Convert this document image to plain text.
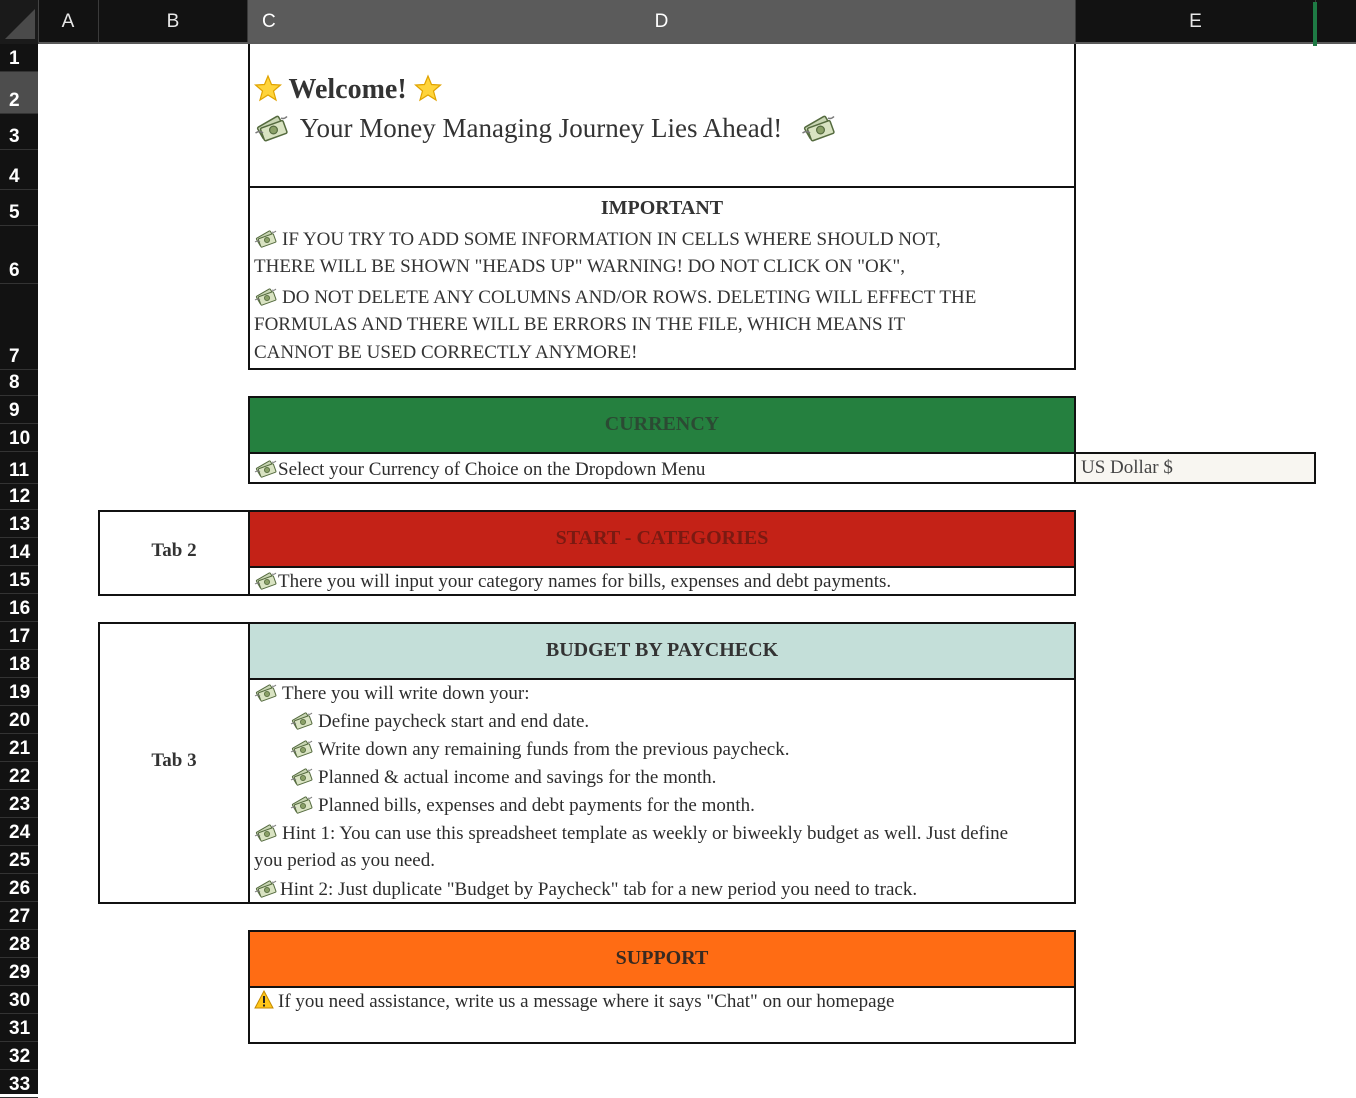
A	B	D
C	E
1
2
3
4
5
6
7
8
9
10
11
12
13
14
15
16
17
18
19
20
21
22
23
24
25
26
27
28
29
30
31
32
33
Welcome!
Your Money Managing Journey Lies Ahead!
IMPORTANT
IF YOU TRY TO ADD SOME INFORMATION IN CELLS WHERE SHOULD NOT,
THERE WILL BE SHOWN "HEADS UP" WARNING! DO NOT CLICK ON "OK",
DO NOT DELETE ANY COLUMNS AND/OR ROWS. DELETING WILL EFFECT THE
FORMULAS AND THERE WILL BE ERRORS IN THE FILE, WHICH MEANS IT
CANNOT BE USED CORRECTLY ANYMORE!
CURRENCY
Select your Currency of Choice on the Dropdown Menu	US Dollar $
Tab 2
START - CATEGORIES
There you will input your category names for bills, expenses and debt payments.
Tab 3
BUDGET BY PAYCHECK
There you will write down your:
Define paycheck start and end date.
Write down any remaining funds from the previous paycheck.
Planned & actual income and savings for the month.
Planned bills, expenses and debt payments for the month.
Hint 1: You can use this spreadsheet template as weekly or biweekly budget as well. Just define
you period as you need.
Hint 2: Just duplicate "Budget by Paycheck" tab for a new period you need to track.
SUPPORT
If you need assistance, write us a message where it says "Chat" on our homepage
